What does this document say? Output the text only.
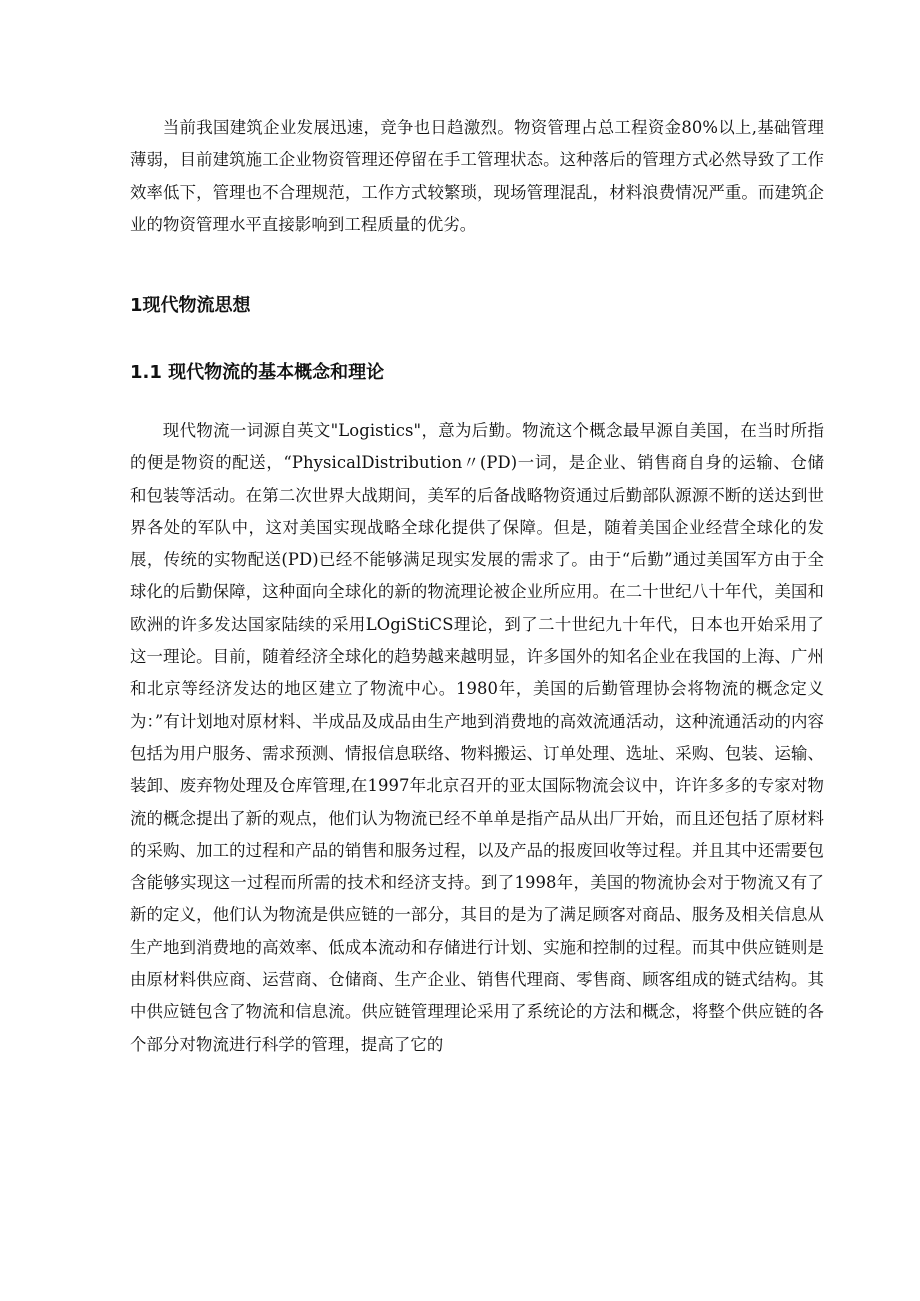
当前我国建筑企业发展迅速，竞争也日趋激烈。物资管理占总工程资金80%以上,基础管理薄弱，目前建筑施工企业物资管理还停留在手工管理状态。这种落后的管理方式必然导致了工作效率低下，管理也不合理规范，工作方式较繁琐，现场管理混乱，材料浪费情况严重。而建筑企业的物资管理水平直接影响到工程质量的优劣。

1现代物流思想
1.1 现代物流的基本概念和理论

现代物流一词源自英文"Logistics"，意为后勤。物流这个概念最早源自美国，在当时所指的便是物资的配送，“PhysicalDistribution〃(PD)一词，是企业、销售商自身的运输、仓储和包装等活动。在第二次世界大战期间，美军的后备战略物资通过后勤部队源源不断的送达到世界各处的军队中，这对美国实现战略全球化提供了保障。但是，随着美国企业经营全球化的发展，传统的实物配送(PD)已经不能够满足现实发展的需求了。由于“后勤”通过美国军方由于全球化的后勤保障，这种面向全球化的新的物流理论被企业所应用。在二十世纪八十年代，美国和欧洲的许多发达国家陆续的采用LOgiStiCS理论，到了二十世纪九十年代，日本也开始采用了这一理论。目前，随着经济全球化的趋势越来越明显，许多国外的知名企业在我国的上海、广州和北京等经济发达的地区建立了物流中心。1980年，美国的后勤管理协会将物流的概念定义为：”有计划地对原材料、半成品及成品由生产地到消费地的高效流通活动，这种流通活动的内容包括为用户服务、需求预测、情报信息联络、物料搬运、订单处理、选址、采购、包装、运输、装卸、废弃物处理及仓库管理,在1997年北京召开的亚太国际物流会议中，许许多多的专家对物流的概念提出了新的观点，他们认为物流已经不单单是指产品从出厂开始，而且还包括了原材料的采购、加工的过程和产品的销售和服务过程，以及产品的报废回收等过程。并且其中还需要包含能够实现这一过程而所需的技术和经济支持。到了1998年，美国的物流协会对于物流又有了新的定义，他们认为物流是供应链的一部分，其目的是为了满足顾客对商品、服务及相关信息从生产地到消费地的高效率、低成本流动和存储进行计划、实施和控制的过程。而其中供应链则是由原材料供应商、运营商、仓储商、生产企业、销售代理商、零售商、顾客组成的链式结构。其中供应链包含了物流和信息流。供应链管理理论采用了系统论的方法和概念，将整个供应链的各个部分对物流进行科学的管理，提高了它的
